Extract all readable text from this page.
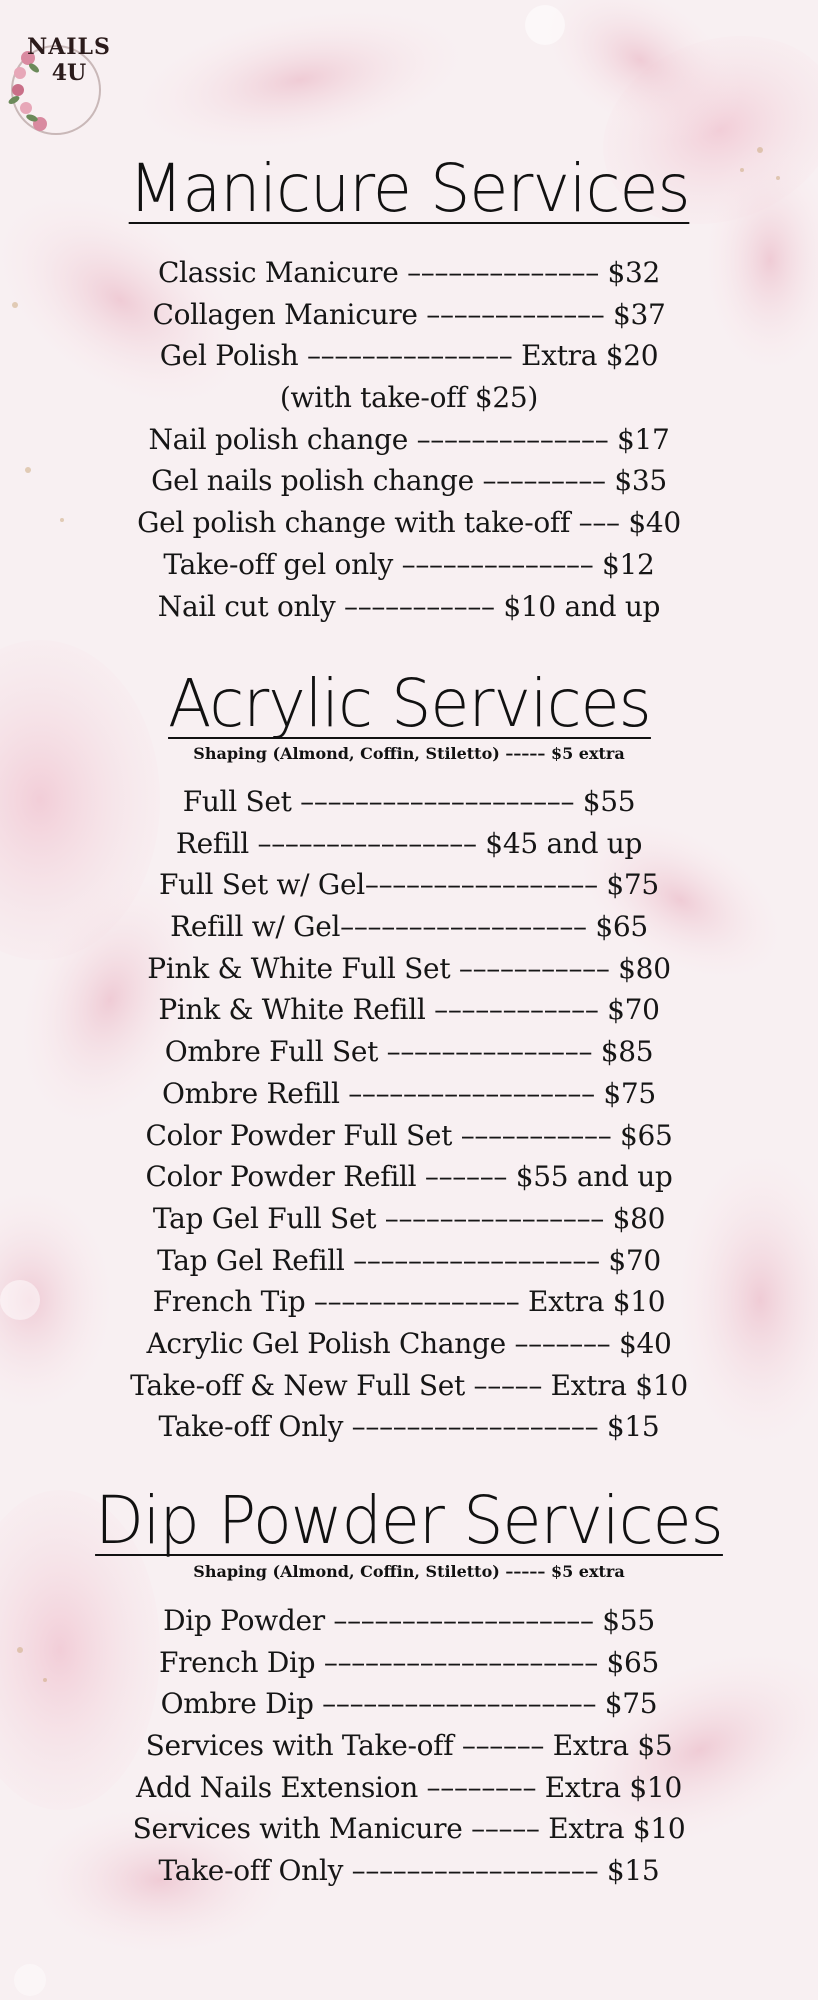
NAILS
4U
Manicure Services
Classic Manicure –––––––––––––– $32
Collagen Manicure ––––––––––––– $37
Gel Polish ––––––––––––––– Extra $20
(with take-off $25)
Nail polish change –––––––––––––– $17
Gel nails polish change ––––––––– $35
Gel polish change with take-off ––– $40
Take-off gel only –––––––––––––– $12
Nail cut only ––––––––––– $10 and up
Acrylic Services
Shaping (Almond, Coffin, Stiletto) ––––– $5 extra
Full Set –––––––––––––––––––– $55
Refill –––––––––––––––– $45 and up
Full Set w/ Gel––––––––––––––––– $75
Refill w/ Gel–––––––––––––––––– $65
Pink & White Full Set ––––––––––– $80
Pink & White Refill –––––––––––– $70
Ombre Full Set ––––––––––––––– $85
Ombre Refill –––––––––––––––––– $75
Color Powder Full Set ––––––––––– $65
Color Powder Refill –––––– $55 and up
Tap Gel Full Set –––––––––––––––– $80
Tap Gel Refill –––––––––––––––––– $70
French Tip ––––––––––––––– Extra $10
Acrylic Gel Polish Change ––––––– $40
Take-off & New Full Set ––––– Extra $10
Take-off Only –––––––––––––––––– $15
Dip Powder Services
Shaping (Almond, Coffin, Stiletto) ––––– $5 extra
Dip Powder ––––––––––––––––––– $55
French Dip –––––––––––––––––––– $65
Ombre Dip –––––––––––––––––––– $75
Services with Take-off –––––– Extra $5
Add Nails Extension –––––––– Extra $10
Services with Manicure ––––– Extra $10
Take-off Only –––––––––––––––––– $15
